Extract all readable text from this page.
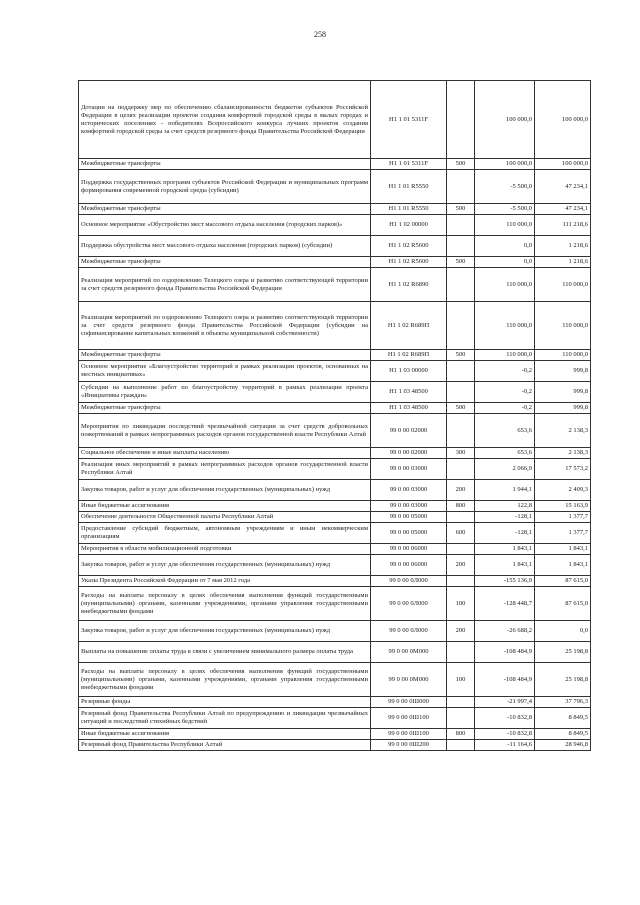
258
Дотации на поддержку мер по обеспечению сбалансированности бюджетов субъектов Российской Федерации в целях реализации проектов создания комфортной городской среды в малых городах и исторических поселениях - победителях Всероссийского конкурса лучших проектов создания комфортной городской среды за счет средств резервного фонда Правительства Российской Федерации	Н1 1 01 5311F		100 000,0	100 000,0
Межбюджетные трансферты	Н1 1 01 5311F	500	100 000,0	100 000,0
Поддержка государственных программ субъектов Российской Федерации и муниципальных программ формирования современной городской среды (субсидии)	Н1 1 01 R5550		-5 500,0	47 234,1
Межбюджетные трансферты	Н1 1 01 R5550	500	-5 500,0	47 234,1
Основное мероприятие «Обустройство мест массового отдыха населения (городских парков)»	Н1 1 02 00000		110 000,0	111 218,6
Поддержка обустройства мест массового отдыха населения (городских парков) (субсидии)	Н1 1 02 R5600		0,0	1 218,6
Межбюджетные трансферты	Н1 1 02 R5600	500	0,0	1 218,6
Реализация мероприятий по оздоровлению Телецкого озера и развитию соответствующей территории за счет средств резервного фонда Правительства Российской Федерации	Н1 1 02 R6890		110 000,0	110 000,0
Реализация мероприятий по оздоровлению Телецкого озера и развитию соответствующей территории за счет средств резервного фонда Правительства Российской Федерации (субсидии на софинансирование капитальных вложений в объекты муниципальной собственности)	Н1 1 02 R689П		110 000,0	110 000,0
Межбюджетные трансферты	Н1 1 02 R689П	500	110 000,0	110 000,0
Основное мероприятие «Благоустройство территорий в рамках реализации проектов, основанных на местных инициативах»	Н1 1 03 00000		-0,2	999,8
Субсидии на выполнение работ по благоустройству территорий в рамках реализации проекта «Инициативы граждан»	Н1 1 03 48500		-0,2	999,8
Межбюджетные трансферты	Н1 1 03 48500	500	-0,2	999,8
Мероприятия по ликвидации последствий чрезвычайной ситуации за счет средств добровольных пожертвований в рамках непрограммных расходов органов государственной власти Республики Алтай	99 0 00 02000		653,6	2 138,3
Социальное обеспечение и иные выплаты населению	99 0 00 02000	300	653,6	2 138,3
Реализация иных мероприятий в рамках непрограммных расходов органов государственной власти Республики Алтай	99 0 00 03000		2 066,9	17 573,2
Закупка товаров, работ и услуг для обеспечения государственных (муниципальных) нужд	99 0 00 03000	200	1 944,1	2 409,3
Иные бюджетные ассигнования	99 0 00 03000	800	122,8	15 163,9
Обеспечение деятельности Общественной палаты Республики Алтай	99 0 00 05000		-128,1	1 377,7
Предоставление субсидий бюджетным, автономным учреждениям и иным некоммерческим организациям	99 0 00 05000	600	-128,1	1 377,7
Мероприятия в области мобилизационной подготовки	99 0 00 06000		1 843,1	1 843,1
Закупка товаров, работ и услуг для обеспечения государственных (муниципальных) нужд	99 0 00 06000	200	1 843,1	1 843,1
Указы Президента Российской Федерации от 7 мая 2012 года	99 0 00 0Л000		-155 136,9	87 615,0
Расходы на выплаты персоналу в целях обеспечения выполнения функций государственными (муниципальными) органами, казенными учреждениями, органами управления государственными внебюджетными фондами	99 0 00 0Л000	100	-128 448,7	87 615,0
Закупка товаров, работ и услуг для обеспечения государственных (муниципальных) нужд	99 0 00 0Л000	200	-26 688,2	0,0
Выплаты на повышение оплаты труда в связи с увеличением минимального размера оплаты труда	99 0 00 0М000		-108 484,9	25 198,8
Расходы на выплаты персоналу в целях обеспечения выполнения функций государственными (муниципальными) органами, казенными учреждениями, органами управления государственными внебюджетными фондами	99 0 00 0М000	100	-108 484,9	25 198,8
Резервные фонды	99 0 00 0Ш000		-21 997,4	37 796,3
Резервный фонд Правительства Республики Алтай по предупреждению и ликвидации чрезвычайных ситуаций и последствий стихийных бедствий	99 0 00 0Ш100		-10 832,8	8 849,5
Иные бюджетные ассигнования	99 0 00 0Ш100	800	-10 832,8	8 849,5
Резервный фонд Правительства Республики Алтай	99 0 00 0Ш200		-11 164,6	28 946,8
